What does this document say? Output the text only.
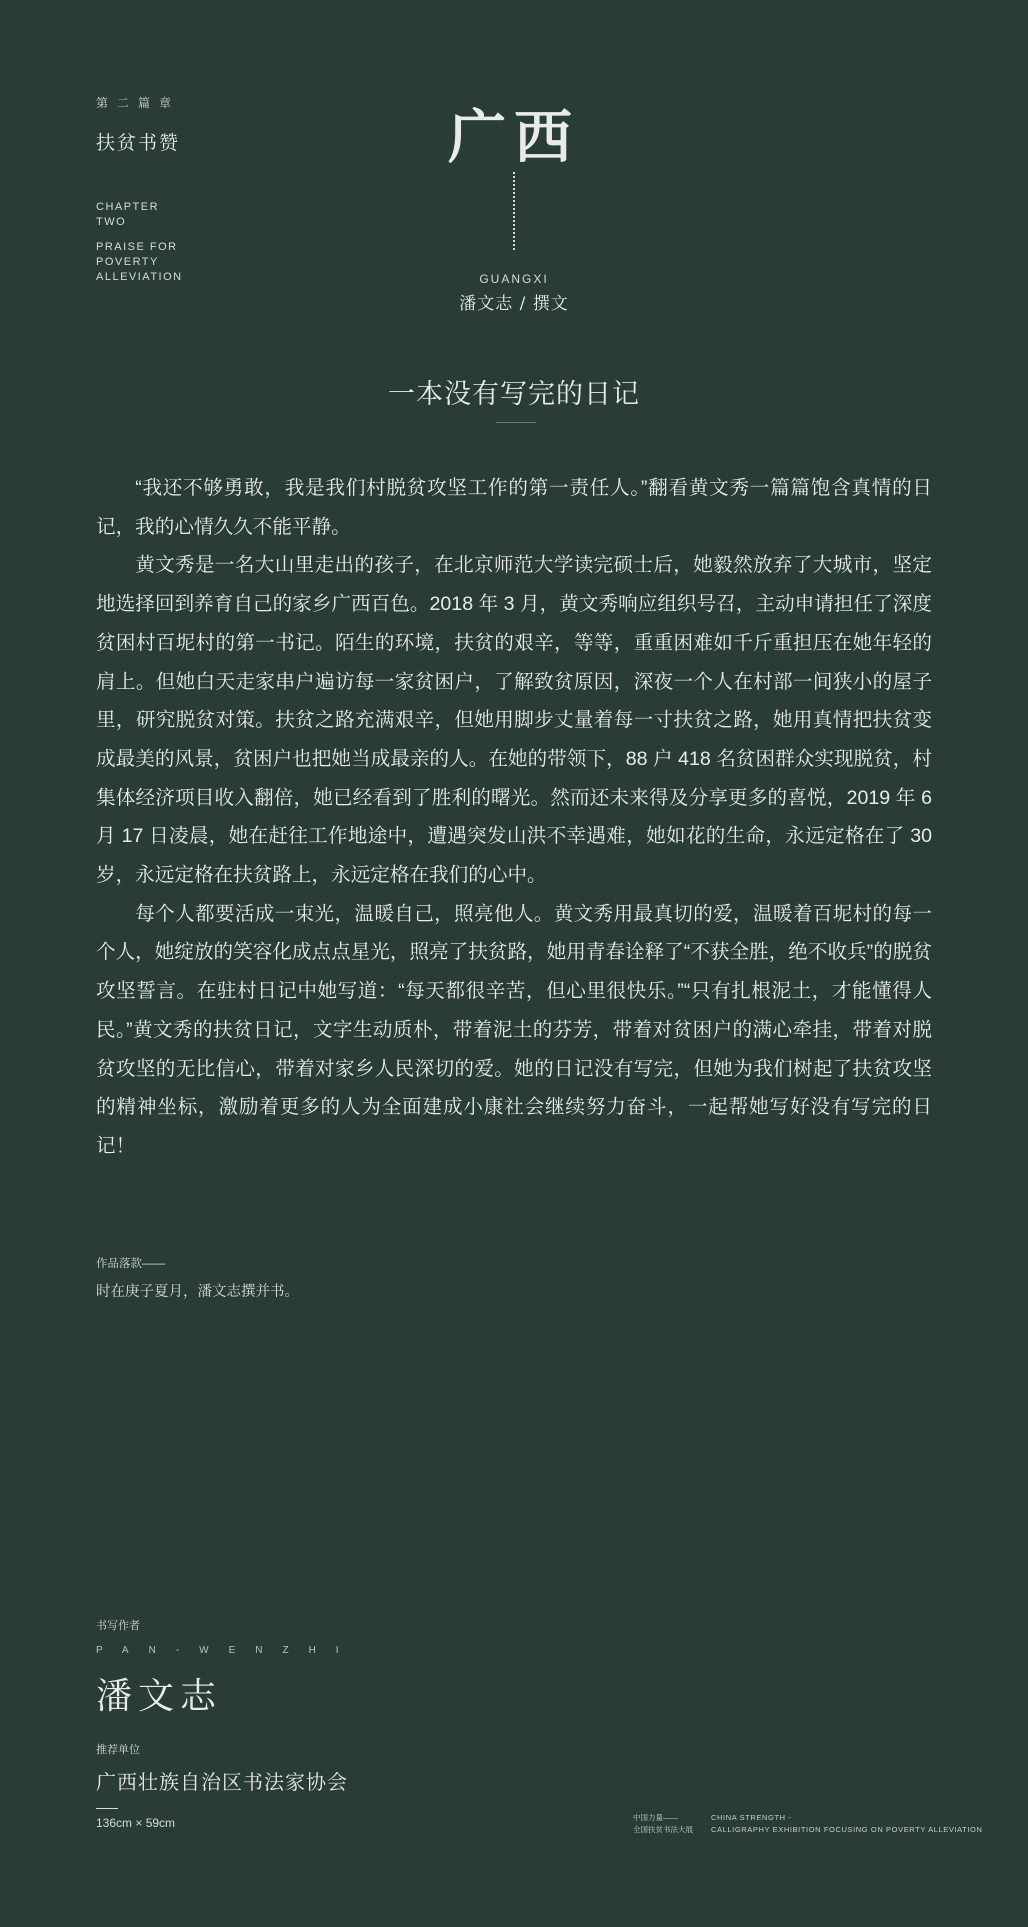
第二篇章
扶贫书赞
CHAPTER
TWO
PRAISE FOR
POVERTY
ALLEVIATION
广西
GUANGXI
潘文志 / 撰文
一本没有写完的日记

“我还不够勇敢，我是我们村脱贫攻坚工作的第一责任人。”翻看黄文秀一篇篇饱含真情的日记，我的心情久久不能平静。

黄文秀是一名大山里走出的孩子，在北京师范大学读完硕士后，她毅然放弃了大城市，坚定地选择回到养育自己的家乡广西百色。2018 年 3 月，黄文秀响应组织号召，主动申请担任了深度贫困村百坭村的第一书记。陌生的环境，扶贫的艰辛，等等，重重困难如千斤重担压在她年轻的肩上。但她白天走家串户遍访每一家贫困户，了解致贫原因，深夜一个人在村部一间狭小的屋子里，研究脱贫对策。扶贫之路充满艰辛，但她用脚步丈量着每一寸扶贫之路，她用真情把扶贫变成最美的风景，贫困户也把她当成最亲的人。在她的带领下，88 户 418 名贫困群众实现脱贫，村集体经济项目收入翻倍，她已经看到了胜利的曙光。然而还未来得及分享更多的喜悦，2019 年 6 月 17 日凌晨，她在赶往工作地途中，遭遇突发山洪不幸遇难，她如花的生命，永远定格在了 30 岁，永远定格在扶贫路上，永远定格在我们的心中。

每个人都要活成一束光，温暖自己，照亮他人。黄文秀用最真切的爱，温暖着百坭村的每一个人，她绽放的笑容化成点点星光，照亮了扶贫路，她用青春诠释了“不获全胜，绝不收兵”的脱贫攻坚誓言。在驻村日记中她写道：“每天都很辛苦，但心里很快乐。”“只有扎根泥土，才能懂得人民。”黄文秀的扶贫日记，文字生动质朴，带着泥土的芬芳，带着对贫困户的满心牵挂，带着对脱贫攻坚的无比信心，带着对家乡人民深切的爱。她的日记没有写完，但她为我们树起了扶贫攻坚的精神坐标，激励着更多的人为全面建成小康社会继续努力奋斗，一起帮她写好没有写完的日记！

作品落款——
时在庚子夏月，潘文志撰并书。
书写作者
PAN-WENZHI
潘文志
推荐单位
广西壮族自治区书法家协会
136cm × 59cm	中国力量——
全国扶贫书法大展
CHINA STRENGTH -
CALLIGRAPHY EXHIBITION FOCUSING ON POVERTY ALLEVIATION
